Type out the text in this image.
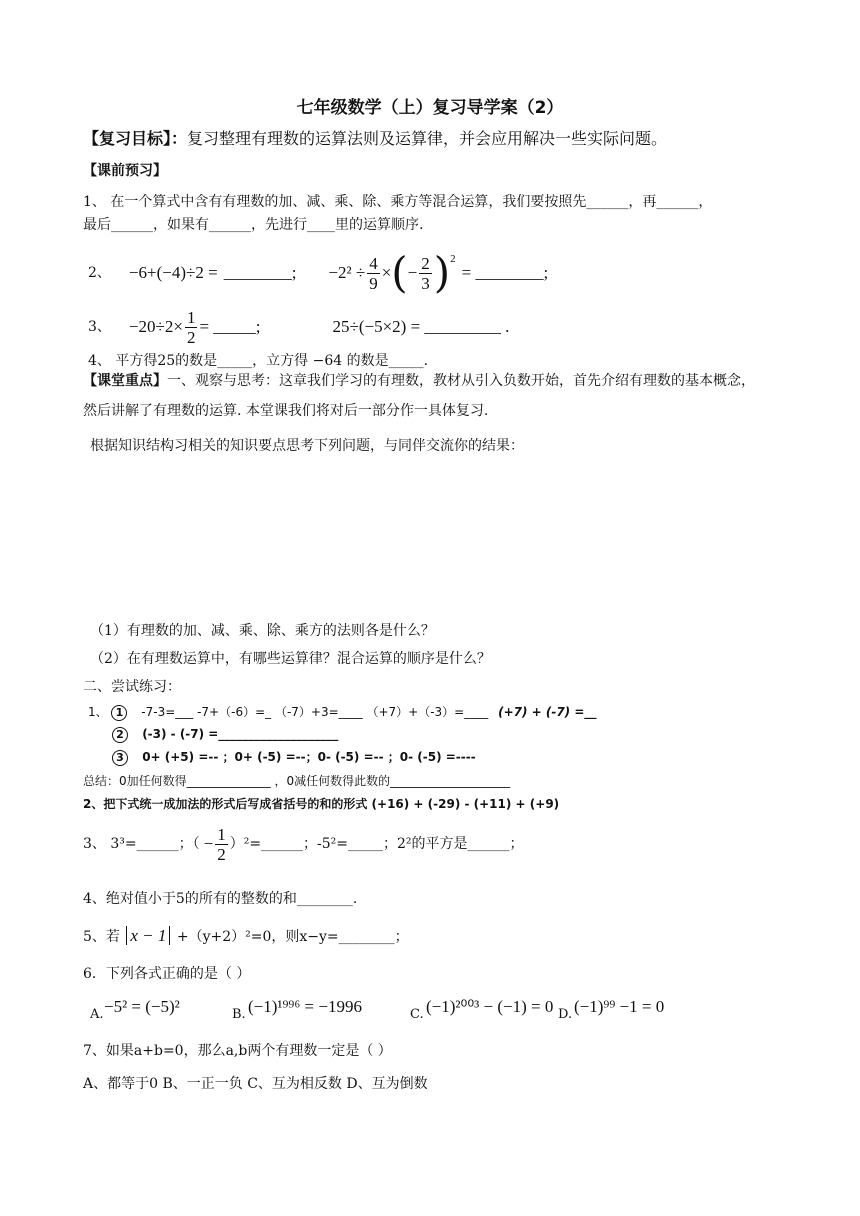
七年级数学（上）复习导学案（2）
【复习目标】：复习整理有理数的运算法则及运算律，并会应用解决一些实际问题。
【课前预习】
1、 在一个算式中含有有理数的加、减、乘、除、乘方等混合运算，我们要按照先______，再______，
最后______，如果有______，先进行____里的运算顺序.
2、 −6+(−4)÷2 = ________; $-2^2 \div \frac{4}{9}$ × ( − $\frac{2}{3}$ ) 2
= ________;
3、 $-20\div 2\times \frac{1}{2}$ = _____;	25÷(−5×2) = _________ .
4、 平方得25的数是_____，立方得 −64 的数是_____.
【课堂重点】一、观察与思考：这章我们学习的有理数，教材从引入负数开始，首先介绍有理数的基本概念，
然后讲解了有理数的运算. 本堂课我们将对后一部分作一具体复习.
根据知识结构习相关的知识要点思考下列问题，与同伴交流你的结果：
（1）有理数的加、减、乘、除、乘方的法则各是什么？
（2）在有理数运算中，有哪些运算律？混合运算的顺序是什么？
二、尝试练习：
1、 1 -7-3=___ -7+（-6）=_ （-7）+3=____ （+7）+（-3）=____ (+7) + (-7) =__
2 (-3) - (-7) =____________________
3 0+ (+5) =-- ；0+ (-5) =--；0- (-5) =-- ；0- (-5) =----
总结：0加任何数得______________ ，0减任何数得此数的____________________
2、把下式统一成加法的形式后写成省括号的和的形式 (+16) + (-29) - (+11) + (+9)
3、 3³=______；（ − $\frac{1}{2}$ ）²=______；-5²=_____；2²的平方是______；
4、绝对值小于5的所有的整数的和________.
5、若 x − 1 +（y+2）²=0，则x−y=________；
6．下列各式正确的是（ ）
A. −5² = (−5)²	B. (−1)¹⁹⁹⁶ = −1996	C. (−1)²⁰⁰³ − (−1) = 0 D. (−1)⁹⁹ −1 = 0
7、如果a+b=0，那么a,b两个有理数一定是（ ）
A、都等于0 B、一正一负 C、互为相反数 D、互为倒数
